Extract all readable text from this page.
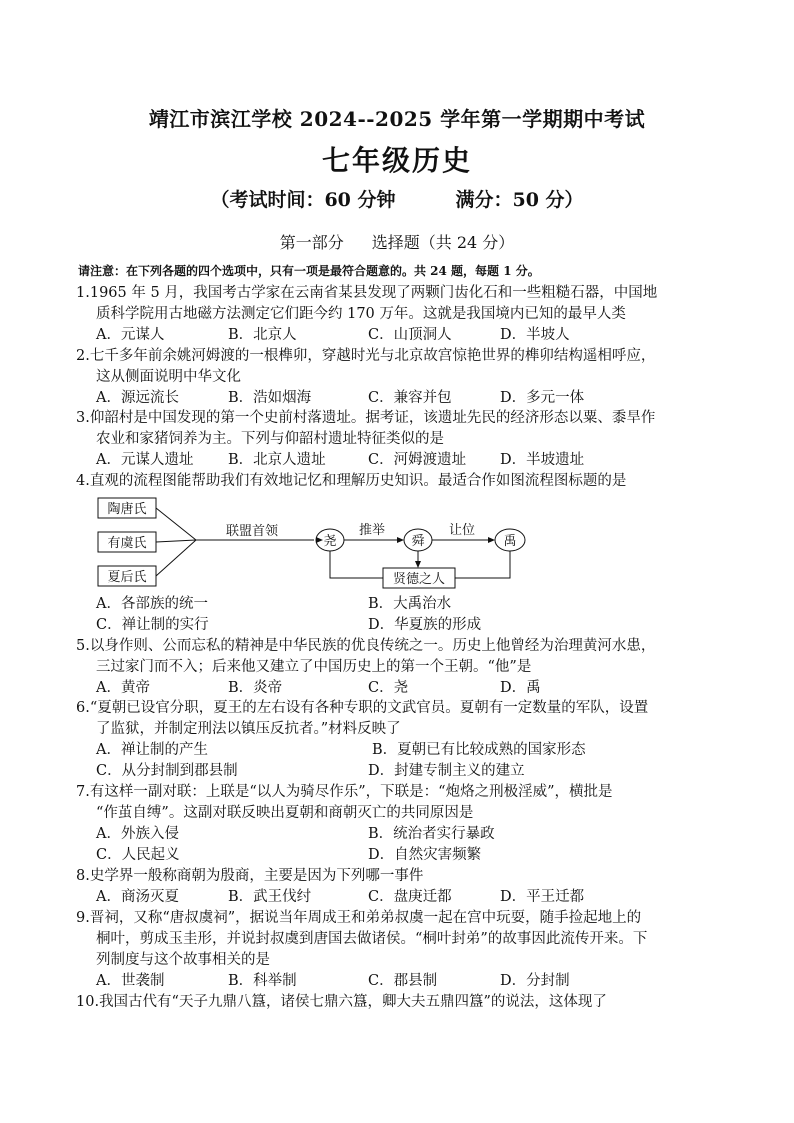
靖江市滨江学校 2024--2025 学年第一学期期中考试
七年级历史
（考试时间：60 分钟	满分：50 分）
第一部分 选择题（共 24 分）
请注意：在下列各题的四个选项中，只有一项是最符合题意的。共 24 题，每题 1 分。
1.1965 年 5 月，我国考古学家在云南省某县发现了两颗门齿化石和一些粗糙石器，中国地
质科学院用古地磁方法测定它们距今约 170 万年。这就是我国境内已知的最早人类
A．元谋人	B．北京人	C．山顶洞人	D．半坡人
2.七千多年前余姚河姆渡的一根榫卯，穿越时光与北京故宫惊艳世界的榫卯结构遥相呼应，
这从侧面说明中华文化
A．源远流长	B．浩如烟海	C．兼容并包	D．多元一体
3.仰韶村是中国发现的第一个史前村落遗址。据考证，该遗址先民的经济形态以粟、黍旱作
农业和家猪饲养为主。下列与仰韶村遗址特征类似的是
A．元谋人遗址 B．北京人遗址	C．河姆渡遗址 D．半坡遗址
4.直观的流程图能帮助我们有效地记忆和理解历史知识。最适合作如图流程图标题的是
陶唐氏
有虞氏
夏后氏
联盟首领
尧
推举
舜
让位
禹
贤德之人
A．各部族的统一	B．大禹治水
C．禅让制的实行	D．华夏族的形成
5.以身作则、公而忘私的精神是中华民族的优良传统之一。历史上他曾经为治理黄河水患，
三过家门而不入；后来他又建立了中国历史上的第一个王朝。“他”是
A．黄帝	B．炎帝	C．尧	D．禹
6.“夏朝已设官分职，夏王的左右设有各种专职的文武官员。夏朝有一定数量的军队，设置
了监狱，并制定刑法以镇压反抗者。”材料反映了
A．禅让制的产生	B．夏朝已有比较成熟的国家形态
C．从分封制到郡县制	D．封建专制主义的建立
7.有这样一副对联：上联是“以人为骑尽作乐”，下联是：“炮烙之刑极淫威”，横批是
“作茧自缚”。这副对联反映出夏朝和商朝灭亡的共同原因是
A．外族入侵	B．统治者实行暴政
C．人民起义	D．自然灾害频繁
8.史学界一般称商朝为殷商，主要是因为下列哪一事件
A．商汤灭夏	B．武王伐纣	C．盘庚迁都	D．平王迁都
9.晋祠，又称“唐叔虞祠”，据说当年周成王和弟弟叔虞一起在宫中玩耍，随手捡起地上的
桐叶，剪成玉圭形，并说封叔虞到唐国去做诸侯。“桐叶封弟”的故事因此流传开来。下
列制度与这个故事相关的是
A．世袭制	B．科举制	C．郡县制	D．分封制
10.我国古代有“天子九鼎八簋，诸侯七鼎六簋，卿大夫五鼎四簋”的说法，这体现了
